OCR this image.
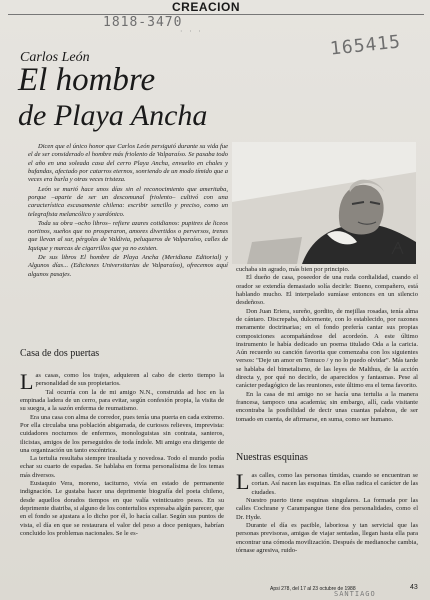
CREACION
1818-3470
· · ·	165415
Carlos León
El hombre
de Playa Ancha

Dicen que el único honor que Carlos León persiguió durante su vida fue el de ser considerado el hombre más friolento de Valparaíso. Se pasaba todo el año en una soleada casa del cerro Playa Ancha, envuelto en chales y bufandas, afectado por catarros eternos, sonriendo de un modo tímido que a veces era burla y otras veces tristeza.

León se murió hace unos días sin el reconocimiento que ameritaba, porque –aparte de ser un descomunal friolento– cultivó con una característica escasamente chilena: escribir sencillo y preciso, como un telegrafista melancólico y sardónico.

Toda su obra –ocho libros– refiere azares cotidianos: pupitres de liceos nortinos, sueños que no prosperaron, amores divertidos o perversos, trenes que llevan al sur, pérgolas de Valdivia, peluqueros de Valparaíso, calles de Iquique y marcas de cigarrillos que ya no existen.

De sus libros El hombre de Playa Ancha (Meridiana Editorial) y Algunos días... (Ediciones Universitarias de Valparaíso), ofrecemos aquí algunos pasajes.

cuchaba sin agrado, más bien por principio.

El dueño de casa, poseedor de una ruda cordialidad, cuando el orador se extendía demasiado solía decirle: Bueno, compañero, está hablando mucho. El interpelado sumíase entonces en un silencio desdeñoso.

Don Juan Eriera, sureño, gordito, de mejillas rosadas, tenía alma de cántaro. Discrepaba, dulcemente, con lo establecido, por razones meramente doctrinarias; en el fondo prefería cantar sus propias composiciones acompañándose del acordeón. A este último instrumento le había dedicado un poema titulado Oda a la caricia. Aún recuerdo su canción favorita que comenzaba con los siguientes versos: "Deje un amor en Temuco / y no lo puedo olvidar". Más tarde se hablaba del bimetalismo, de las leyes de Malthus, de la acción directa y, por qué no decirlo, de aparecidos y fantasmas. Pese al carácter pedagógico de las reuniones, este último era el tema favorito.

En la casa de mi amigo no se hacía una tertulia a la manera francesa, tampoco una academia; sin embargo, allí, cada visitante encontraba la posibilidad de decir unas cuantas palabras, de ser tomado en cuenta, de afirmarse, en suma, como ser humano.

Casa de dos puertas

Las casas, como los trajes, adquieren al cabo de cierto tiempo la personalidad de sus propietarios.

Tal ocurría con la de mi amigo N.N., construida ad hoc en la empinada ladera de un cerro, para evitar, según confesión propia, la visita de su suegra, a la sazón enferma de reumatismo.

Era una casa con alma de corredor, pues tenía una puerta en cada extremo. Por ella circulaba una población abigarrada, de curiosos relieves, imprevista: cuidadores nocturnos de enfermos, monologuistas sin contrata, santeros, ilicistas, amigos de los perseguidos de toda índole. Mi amigo era dirigente de una organización un tanto excéntrica.

La tertulia resultaba siempre insultada y novedosa. Todo el mundo podía echar su cuarto de espadas. Se hablaba en forma personalísima de los temas más diversos.

Eustaquio Vera, moreno, taciturno, vivía en estado de permanente indignación. Le gustaba hacer una deprimente biografía del poeta chileno, desde aquellos dorados tiempos en que valía veinticuatro pesos. En su deprimente diatriba, si alguno de los contertulios expresaba algún parecer, que en el fondo se ajustara a lo dicho por él, lo hacía callar. Según sus puntos de vista, el día en que se restaurara el valor del peso a doce peniques, habrían concluido los problemas nacionales. Se le es-

Nuestras esquinas

Las calles, como las personas tímidas, cuando se encuentran se cortan. Así nacen las esquinas. En ellas radica el carácter de las ciudades.

Nuestro puerto tiene esquinas singulares. La formada por las calles Cochrane y Carampangue tiene dos personalidades, como el Dr. Hyde.

Durante el día es pacible, laboriosa y tan servicial que las personas previsoras, amigas de viajar sentadas, llegan hasta ella para encontrar una cómoda movilización. Después de medianoche cambia, tórnase agresiva, ruido-

Apsi 278, del 17 al 23 octubre de 1988	43
SANTIAGO
